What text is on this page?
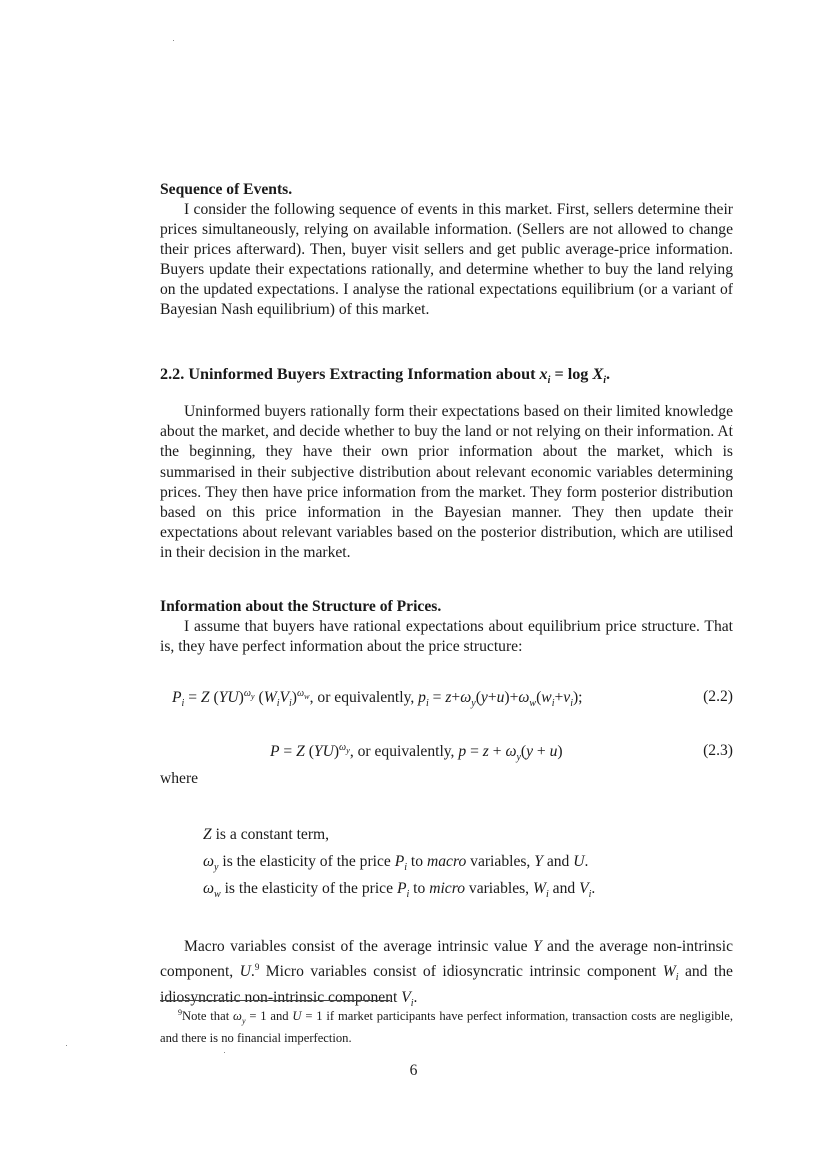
Sequence of Events.

I consider the following sequence of events in this market. First, sellers determine their prices simultaneously, relying on available information. (Sellers are not allowed to change their prices afterward). Then, buyer visit sellers and get public average-price information. Buyers update their expectations rationally, and determine whether to buy the land relying on the updated expectations. I analyse the rational expectations equilibrium (or a variant of Bayesian Nash equilibrium) of this market.

2.2. Uninformed Buyers Extracting Information about $x_i = \log X_i$.

Uninformed buyers rationally form their expectations based on their limited knowledge about the market, and decide whether to buy the land or not relying on their information. At the beginning, they have their own prior information about the market, which is summarised in their subjective distribution about relevant economic variables determining prices. They then have price information from the market. They form posterior distribution based on this price information in the Bayesian manner. They then update their expectations about relevant variables based on the posterior distribution, which are utilised in their decision in the market.

Information about the Structure of Prices.

I assume that buyers have rational expectations about equilibrium price structure. That is, they have perfect information about the price structure:

$P_i = Z$ (YU)$^{\omega_y}$ $(W_iV_i)^{\omega_w}$, or equivalently, $p_i = z+\omega_y(y+u)+\omega_w(w_i+v_i)$;	(2.2)
P = Z (YU)$^{\omega_y}$, or equivalently, $p = z + \omega_y(y + u)$	(2.3)
where
Z is a constant term,
$\omega_y$ is the elasticity of the price $P_i$ to macro variables, Y and U.
$\omega_w$ is the elasticity of the price $P_i$ to micro variables, $W_i$ and $V_i$.

Macro variables consist of the average intrinsic value Y and the average non-intrinsic component, U.$^9$ Micro variables consist of idiosyncratic intrinsic component $W_i$ and the idiosyncratic non-intrinsic component $V_i$.

$^9$Note that $\omega_y = 1$ and U = 1 if market participants have perfect information, transaction costs are negligible, and there is no financial imperfection.
6
